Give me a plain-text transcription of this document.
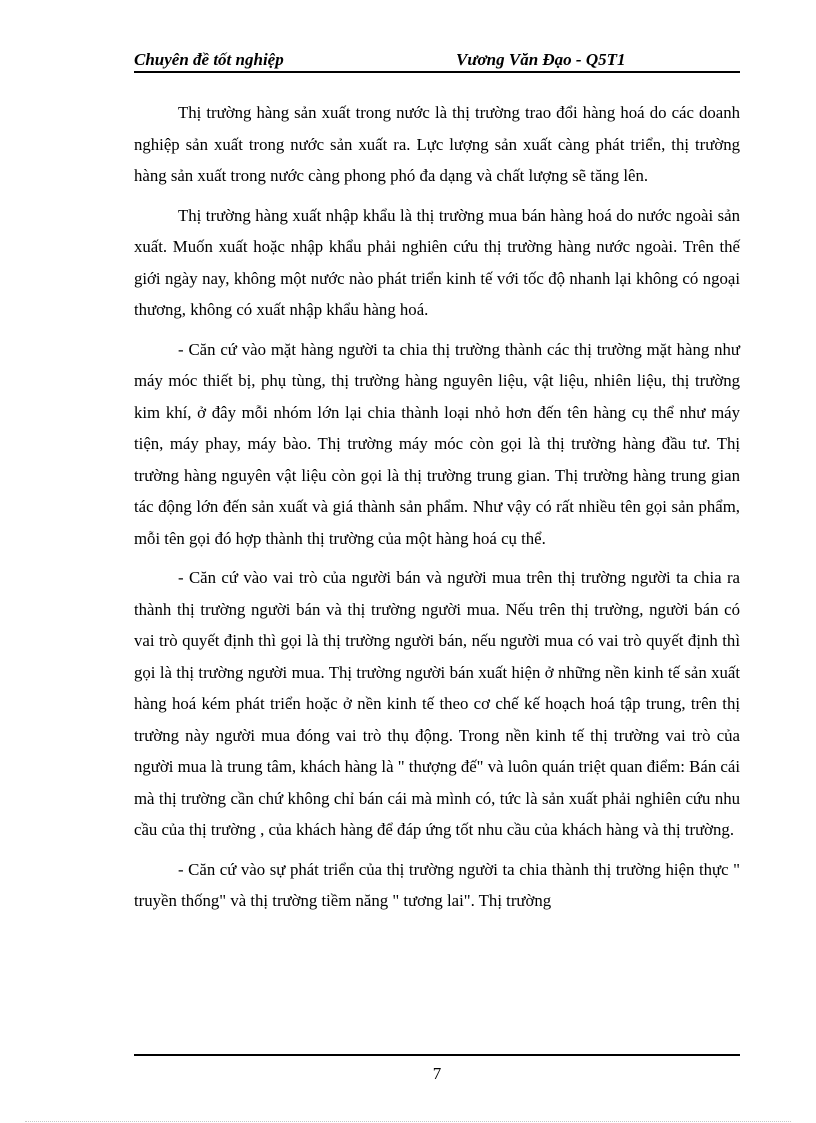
Chuyên đề tốt nghiệp	Vương Văn Đạo - Q5T1

Thị trường hàng sản xuất trong nước là thị trường trao đổi hàng hoá do các doanh nghiệp sản xuất trong nước sản xuất ra. Lực lượng sản xuất càng phát triển, thị trường hàng sản xuất trong nước càng phong phó đa dạng và chất lượng sẽ tăng lên.

Thị trường hàng xuất nhập khẩu là thị trường mua bán hàng hoá do nước ngoài sản xuất. Muốn xuất hoặc nhập khẩu phải nghiên cứu thị trường hàng nước ngoài. Trên thế giới ngày nay, không một nước nào phát triển kinh tế với tốc độ nhanh lại không có ngoại thương, không có xuất nhập khẩu hàng hoá.

- Căn cứ vào mặt hàng người ta chia thị trường thành các thị trường mặt hàng như máy móc thiết bị, phụ tùng, thị trường hàng nguyên liệu, vật liệu, nhiên liệu, thị trường kim khí, ở đây mỗi nhóm lớn lại chia thành loại nhỏ hơn đến tên hàng cụ thể như máy tiện, máy phay, máy bào. Thị trường máy móc còn gọi là thị trường hàng đầu tư. Thị trường hàng nguyên vật liệu còn gọi là thị trường trung gian. Thị trường hàng trung gian tác động lớn đến sản xuất và giá thành sản phẩm. Như vậy có rất nhiều tên gọi sản phẩm, mỗi tên gọi đó hợp thành thị trường của một hàng hoá cụ thể.

- Căn cứ vào vai trò của người bán và người mua trên thị trường người ta chia ra thành thị trường người bán và thị trường người mua. Nếu trên thị trường, người bán có vai trò quyết định thì gọi là thị trường người bán, nếu người mua có vai trò quyết định thì gọi là thị trường người mua. Thị trường người bán xuất hiện ở những nền kinh tế sản xuất hàng hoá kém phát triển hoặc ở nền kinh tế theo cơ chế kế hoạch hoá tập trung, trên thị trường này người mua đóng vai trò thụ động. Trong nền kinh tế thị trường vai trò của người mua là trung tâm, khách hàng là " thượng đế" và luôn quán triệt quan điểm: Bán cái mà thị trường cần chứ không chỉ bán cái mà mình có, tức là sản xuất phải nghiên cứu nhu cầu của thị trường , của khách hàng để đáp ứng tốt nhu cầu của khách hàng và thị trường.

- Căn cứ vào sự phát triển của thị trường người ta chia thành thị trường hiện thực " truyền thống" và thị trường tiềm năng " tương lai". Thị trường

7
